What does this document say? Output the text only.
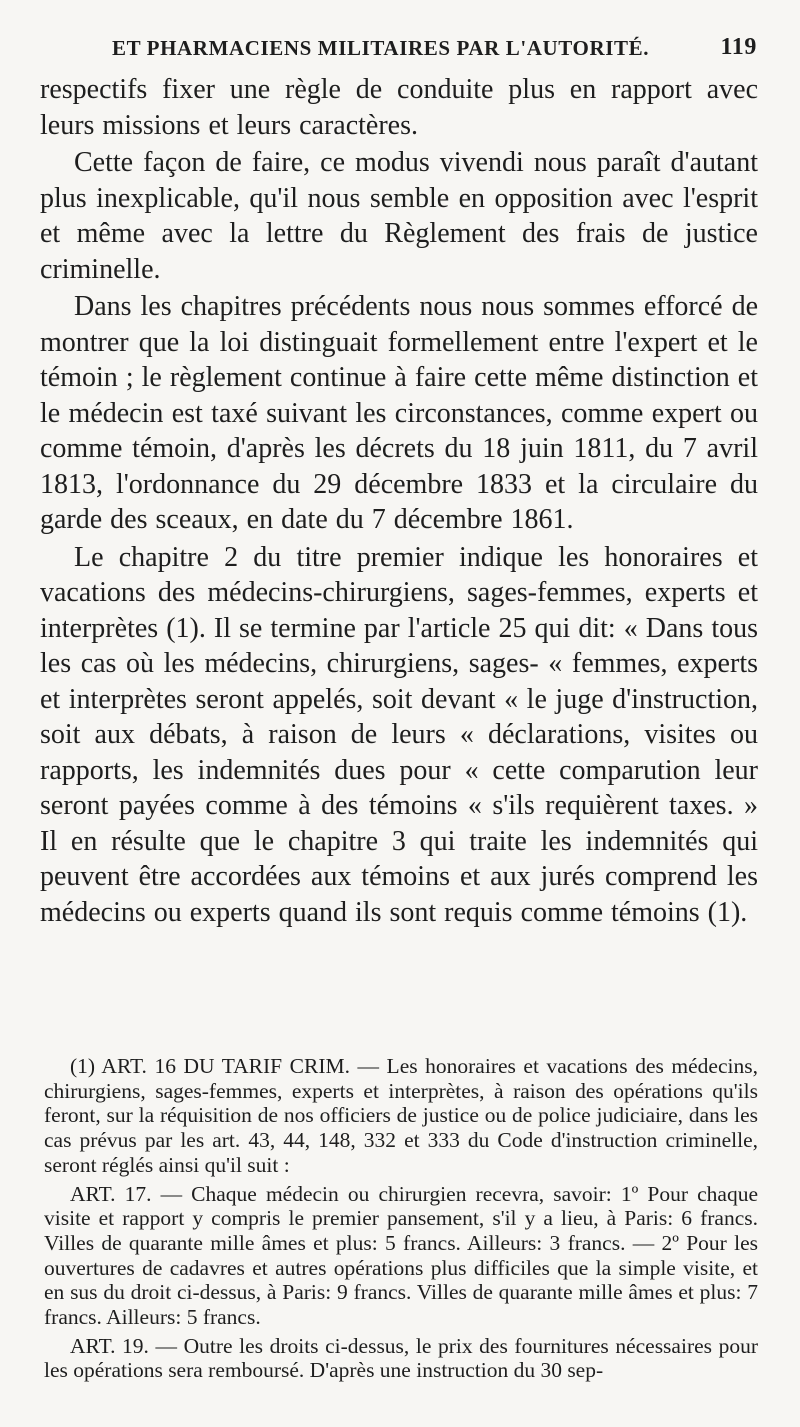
ET PHARMACIENS MILITAIRES PAR L'AUTORITÉ.	119

respectifs fixer une règle de conduite plus en rapport avec leurs missions et leurs caractères.

Cette façon de faire, ce modus vivendi nous paraît d'autant plus inexplicable, qu'il nous semble en opposition avec l'esprit et même avec la lettre du Règlement des frais de justice criminelle.

Dans les chapitres précédents nous nous sommes efforcé de montrer que la loi distinguait formellement entre l'expert et le témoin ; le règlement continue à faire cette même distinction et le médecin est taxé suivant les circonstances, comme expert ou comme témoin, d'après les décrets du 18 juin 1811, du 7 avril 1813, l'ordonnance du 29 décembre 1833 et la circulaire du garde des sceaux, en date du 7 décembre 1861.

Le chapitre 2 du titre premier indique les honoraires et vacations des médecins-chirurgiens, sages-femmes, experts et interprètes (1). Il se termine par l'article 25 qui dit: « Dans tous les cas où les médecins, chirurgiens, sages- « femmes, experts et interprètes seront appelés, soit devant « le juge d'instruction, soit aux débats, à raison de leurs « déclarations, visites ou rapports, les indemnités dues pour « cette comparution leur seront payées comme à des témoins « s'ils requièrent taxes. » Il en résulte que le chapitre 3 qui traite les indemnités qui peuvent être accordées aux témoins et aux jurés comprend les médecins ou experts quand ils sont requis comme témoins (1).

(1) ART. 16 DU TARIF CRIM. — Les honoraires et vacations des médecins, chirurgiens, sages-femmes, experts et interprètes, à raison des opérations qu'ils feront, sur la réquisition de nos officiers de justice ou de police judiciaire, dans les cas prévus par les art. 43, 44, 148, 332 et 333 du Code d'instruction criminelle, seront réglés ainsi qu'il suit :

ART. 17. — Chaque médecin ou chirurgien recevra, savoir: 1º Pour chaque visite et rapport y compris le premier pansement, s'il y a lieu, à Paris: 6 francs. Villes de quarante mille âmes et plus: 5 francs. Ailleurs: 3 francs. — 2º Pour les ouvertures de cadavres et autres opérations plus difficiles que la simple visite, et en sus du droit ci-dessus, à Paris: 9 francs. Villes de quarante mille âmes et plus: 7 francs. Ailleurs: 5 francs.

ART. 19. — Outre les droits ci-dessus, le prix des fournitures nécessaires pour les opérations sera remboursé. D'après une instruction du 30 sep-
